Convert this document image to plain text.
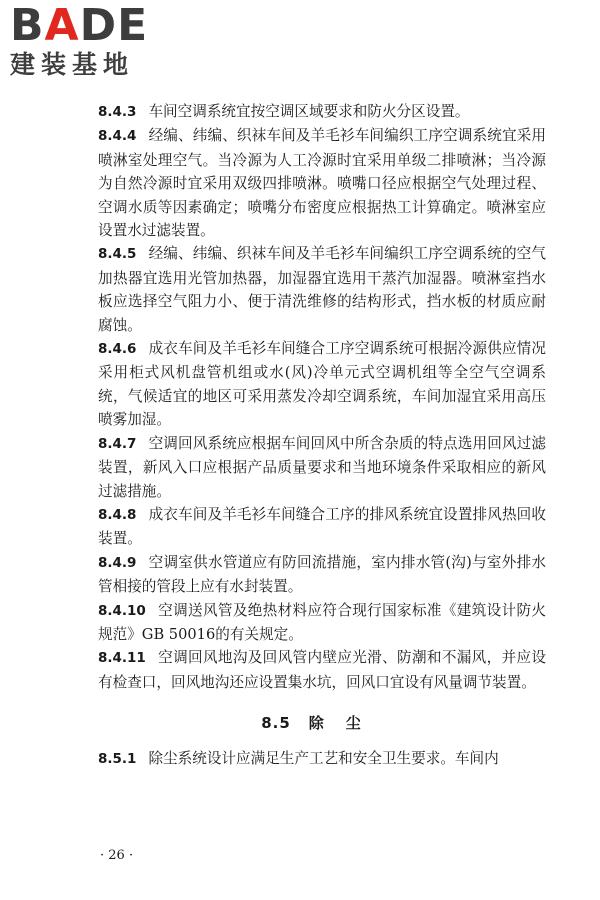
BADE
建装基地

8.4.3 车间空调系统宜按空调区域要求和防火分区设置。

8.4.4 经编、纬编、织袜车间及羊毛衫车间编织工序空调系统宜采用喷淋室处理空气。当冷源为人工冷源时宜采用单级二排喷淋；当冷源为自然冷源时宜采用双级四排喷淋。喷嘴口径应根据空气处理过程、空调水质等因素确定；喷嘴分布密度应根据热工计算确定。喷淋室应设置水过滤装置。

8.4.5 经编、纬编、织袜车间及羊毛衫车间编织工序空调系统的空气加热器宜选用光管加热器，加湿器宜选用干蒸汽加湿器。喷淋室挡水板应选择空气阻力小、便于清洗维修的结构形式，挡水板的材质应耐腐蚀。

8.4.6 成衣车间及羊毛衫车间缝合工序空调系统可根据冷源供应情况采用柜式风机盘管机组或水(风)冷单元式空调机组等全空气空调系统，气候适宜的地区可采用蒸发冷却空调系统，车间加湿宜采用高压喷雾加湿。

8.4.7 空调回风系统应根据车间回风中所含杂质的特点选用回风过滤装置，新风入口应根据产品质量要求和当地环境条件采取相应的新风过滤措施。

8.4.8 成衣车间及羊毛衫车间缝合工序的排风系统宜设置排风热回收装置。

8.4.9 空调室供水管道应有防回流措施，室内排水管(沟)与室外排水管相接的管段上应有水封装置。

8.4.10 空调送风管及绝热材料应符合现行国家标准《建筑设计防火规范》GB 50016的有关规定。

8.4.11 空调回风地沟及回风管内壁应光滑、防潮和不漏风，并应设有检查口，回风地沟还应设置集水坑，回风口宜设有风量调节装置。

8.5 除尘

8.5.1 除尘系统设计应满足生产工艺和安全卫生要求。车间内

· 26 ·
